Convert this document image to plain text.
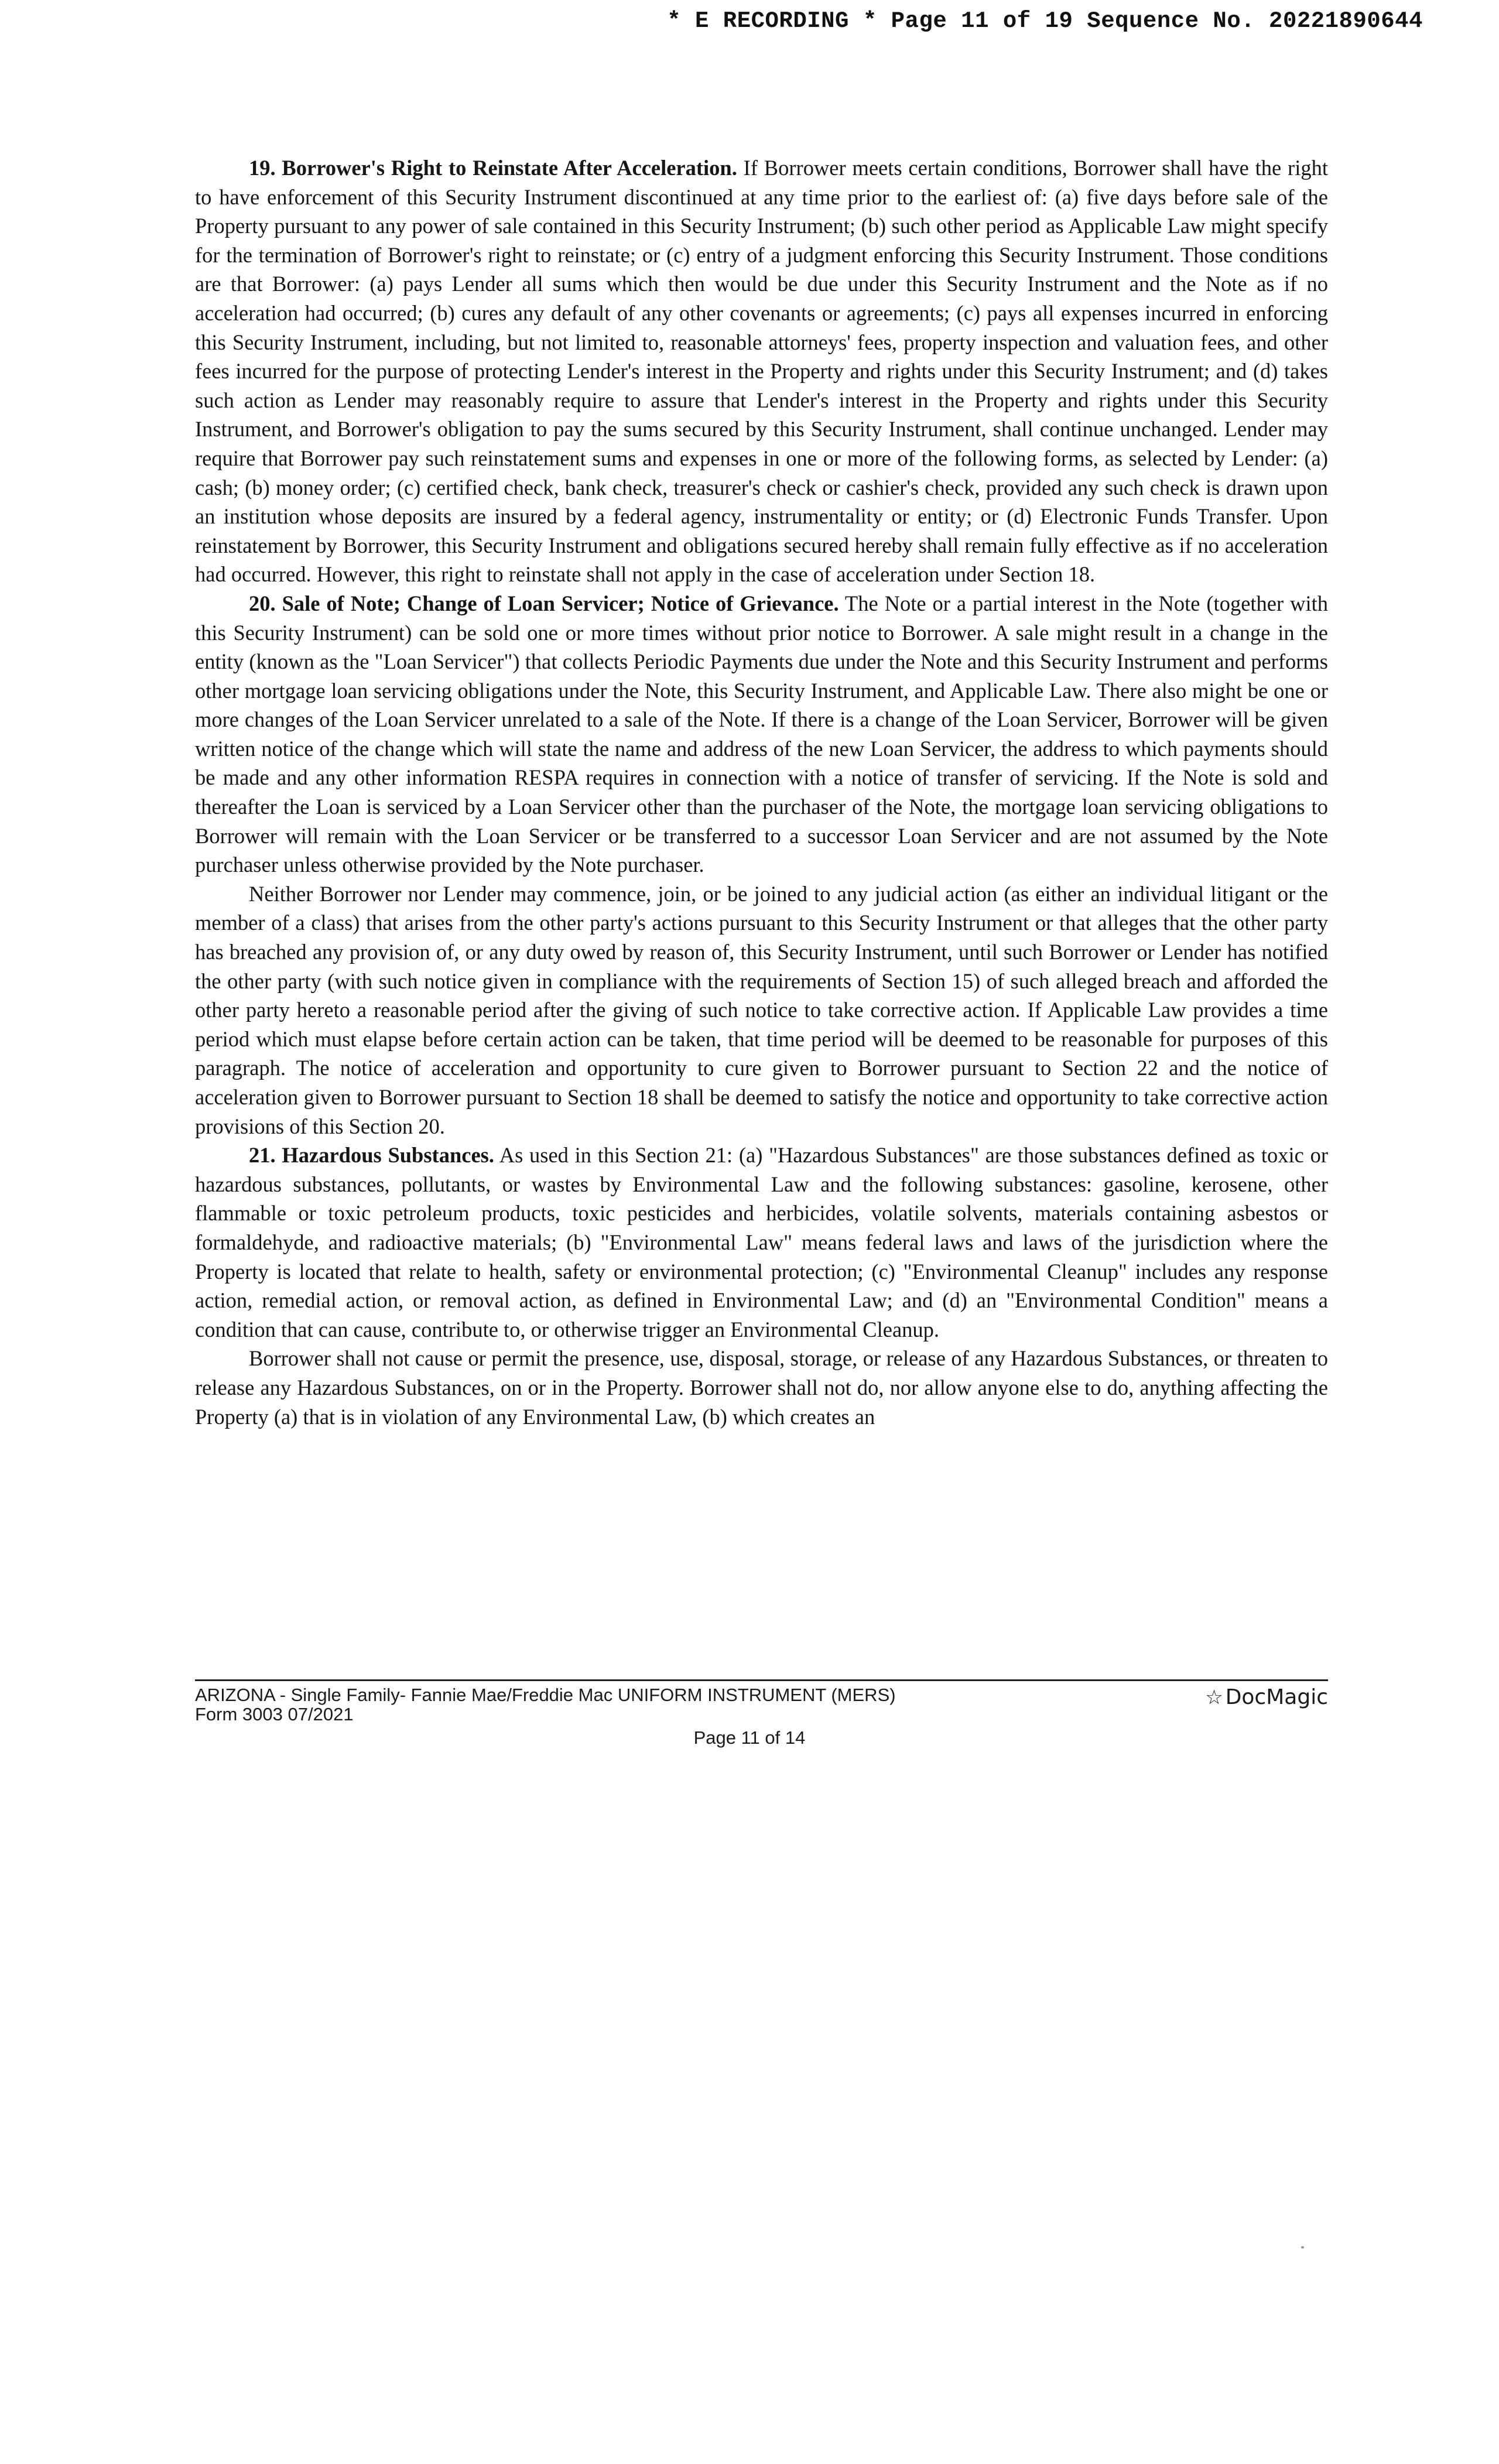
* E RECORDING * Page 11 of 19 Sequence No. 20221890644

19. Borrower's Right to Reinstate After Acceleration. If Borrower meets certain conditions, Borrower shall have the right to have enforcement of this Security Instrument discontinued at any time prior to the earliest of: (a) five days before sale of the Property pursuant to any power of sale contained in this Security Instrument; (b) such other period as Applicable Law might specify for the termination of Borrower's right to reinstate; or (c) entry of a judgment enforcing this Security Instrument. Those conditions are that Borrower: (a) pays Lender all sums which then would be due under this Security Instrument and the Note as if no acceleration had occurred; (b) cures any default of any other covenants or agreements; (c) pays all expenses incurred in enforcing this Security Instrument, including, but not limited to, reasonable attorneys' fees, property inspection and valuation fees, and other fees incurred for the purpose of protecting Lender's interest in the Property and rights under this Security Instrument; and (d) takes such action as Lender may reasonably require to assure that Lender's interest in the Property and rights under this Security Instrument, and Borrower's obligation to pay the sums secured by this Security Instrument, shall continue unchanged. Lender may require that Borrower pay such reinstatement sums and expenses in one or more of the following forms, as selected by Lender: (a) cash; (b) money order; (c) certified check, bank check, treasurer's check or cashier's check, provided any such check is drawn upon an institution whose deposits are insured by a federal agency, instrumentality or entity; or (d) Electronic Funds Transfer. Upon reinstatement by Borrower, this Security Instrument and obligations secured hereby shall remain fully effective as if no acceleration had occurred. However, this right to reinstate shall not apply in the case of acceleration under Section 18.

20. Sale of Note; Change of Loan Servicer; Notice of Grievance. The Note or a partial interest in the Note (together with this Security Instrument) can be sold one or more times without prior notice to Borrower. A sale might result in a change in the entity (known as the "Loan Servicer") that collects Periodic Payments due under the Note and this Security Instrument and performs other mortgage loan servicing obligations under the Note, this Security Instrument, and Applicable Law. There also might be one or more changes of the Loan Servicer unrelated to a sale of the Note. If there is a change of the Loan Servicer, Borrower will be given written notice of the change which will state the name and address of the new Loan Servicer, the address to which payments should be made and any other information RESPA requires in connection with a notice of transfer of servicing. If the Note is sold and thereafter the Loan is serviced by a Loan Servicer other than the purchaser of the Note, the mortgage loan servicing obligations to Borrower will remain with the Loan Servicer or be transferred to a successor Loan Servicer and are not assumed by the Note purchaser unless otherwise provided by the Note purchaser.

Neither Borrower nor Lender may commence, join, or be joined to any judicial action (as either an individual litigant or the member of a class) that arises from the other party's actions pursuant to this Security Instrument or that alleges that the other party has breached any provision of, or any duty owed by reason of, this Security Instrument, until such Borrower or Lender has notified the other party (with such notice given in compliance with the requirements of Section 15) of such alleged breach and afforded the other party hereto a reasonable period after the giving of such notice to take corrective action. If Applicable Law provides a time period which must elapse before certain action can be taken, that time period will be deemed to be reasonable for purposes of this paragraph. The notice of acceleration and opportunity to cure given to Borrower pursuant to Section 22 and the notice of acceleration given to Borrower pursuant to Section 18 shall be deemed to satisfy the notice and opportunity to take corrective action provisions of this Section 20.

21. Hazardous Substances. As used in this Section 21: (a) "Hazardous Substances" are those substances defined as toxic or hazardous substances, pollutants, or wastes by Environmental Law and the following substances: gasoline, kerosene, other flammable or toxic petroleum products, toxic pesticides and herbicides, volatile solvents, materials containing asbestos or formaldehyde, and radioactive materials; (b) "Environmental Law" means federal laws and laws of the jurisdiction where the Property is located that relate to health, safety or environmental protection; (c) "Environmental Cleanup" includes any response action, remedial action, or removal action, as defined in Environmental Law; and (d) an "Environmental Condition" means a condition that can cause, contribute to, or otherwise trigger an Environmental Cleanup.

Borrower shall not cause or permit the presence, use, disposal, storage, or release of any Hazardous Substances, or threaten to release any Hazardous Substances, on or in the Property. Borrower shall not do, nor allow anyone else to do, anything affecting the Property (a) that is in violation of any Environmental Law, (b) which creates an

ARIZONA - Single Family- Fannie Mae/Freddie Mac UNIFORM INSTRUMENT (MERS)
Form 3003 07/2021
☆ DocMagic
Page 11 of 14
